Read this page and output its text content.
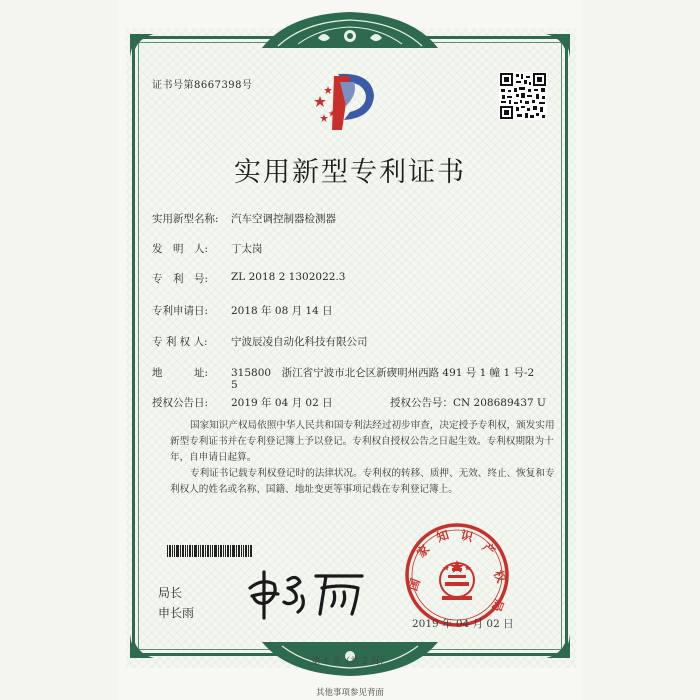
证书号第8667398号
实用新型专利证书
实用新型名称: 汽车空调控制器检测器
发　明　人: 丁太岗
专　利　号: ZL 2018 2 1302022.3
专利申请日: 2018 年 08 月 14 日
专 利 权 人: 宁波辰凌自动化科技有限公司
地　　　址: 315800　浙江省宁波市北仑区新碶明州西路 491 号 1 幢 1 号-2
5
授权公告日: 2019 年 04 月 02 日	授权公告号：CN 208689437 U
国家知识产权局依照中华人民共和国专利法经过初步审查，决定授予专利权，颁发实用新型专利证书并在专利登记簿上予以登记。专利权自授权公告之日起生效。专利权期限为十年，自申请日起算。
专利证书记载专利权登记时的法律状况。专利权的转移、质押、无效、终止、恢复和专利权人的姓名或名称、国籍、地址变更等事项记载在专利登记簿上。
局长
申长雨
国
家
知 识
产
权
局
2019 年 04 月 02 日
第 1 页（共 2 页）
其他事项参见背面
